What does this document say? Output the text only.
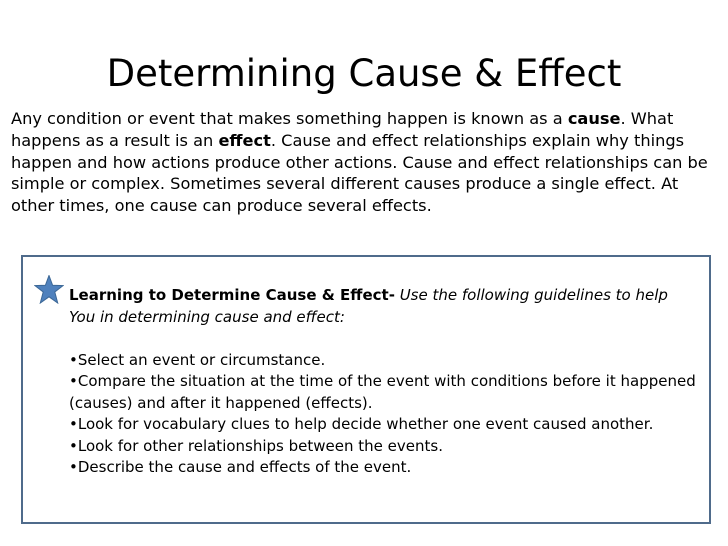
Determining Cause & Effect

Any condition or event that makes something happen is known as a cause. What happens as a result is an effect. Cause and effect relationships explain why things happen and how actions produce other actions. Cause and effect relationships can be simple or complex. Sometimes several different causes produce a single effect. At other times, one cause can produce several effects.

Learning to Determine Cause & Effect- Use the following guidelines to help

You in determining cause and effect:

• Select an event or circumstance.

• Compare the situation at the time of the event with conditions before it happened (causes) and after it happened (effects).

• Look for vocabulary clues to help decide whether one event caused another.

• Look for other relationships between the events.

• Describe the cause and effects of the event.
